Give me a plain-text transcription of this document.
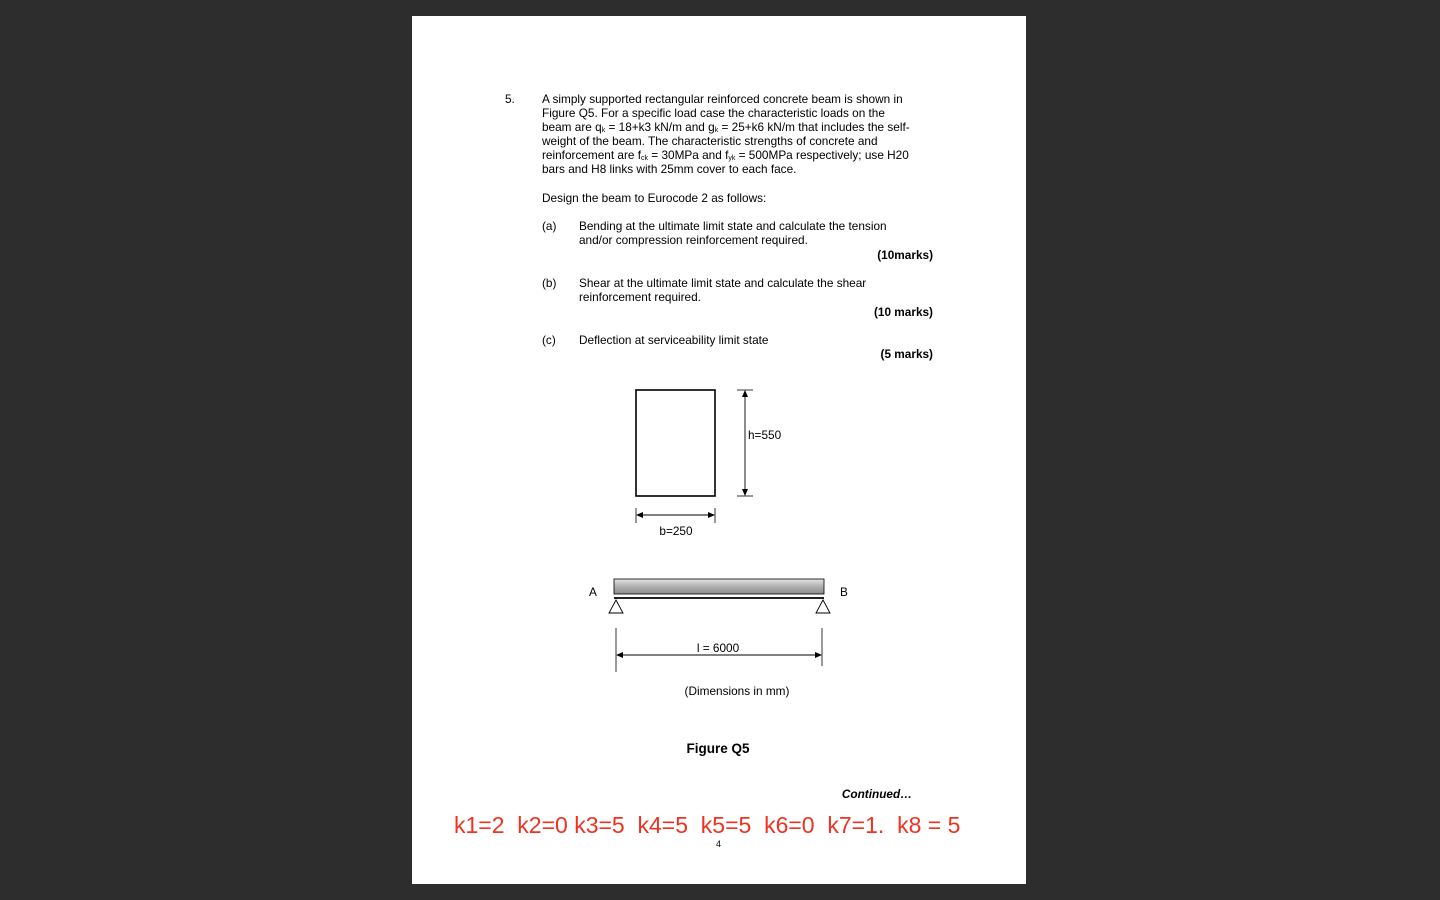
5. A simply supported rectangular reinforced concrete beam is shown in
Figure Q5. For a specific load case the characteristic loads on the
beam are $q_k = 18+k3$ kN/m and $g_k = 25+k6$ kN/m that includes the self-
weight of the beam. The characteristic strengths of concrete and
reinforcement are $f_{ck} = 30MPa$ and $f_{yk} = 500MPa$ respectively; use H20
bars and H8 links with 25mm cover to each face.
Design the beam to Eurocode 2 as follows:
(a) Bending at the ultimate limit state and calculate the tension
and/or compression reinforcement required.
(10marks)
(b) Shear at the ultimate limit state and calculate the shear
reinforcement required.
(10 marks)
(c) Deflection at serviceability limit state
(5 marks)
h=550
b=250
A	B
l = 6000
(Dimensions in mm)
Figure Q5
Continued…
k1=2  k2=0 k3=5  k4=5  k5=5  k6=0  k7=1.  k8 = 5
4
